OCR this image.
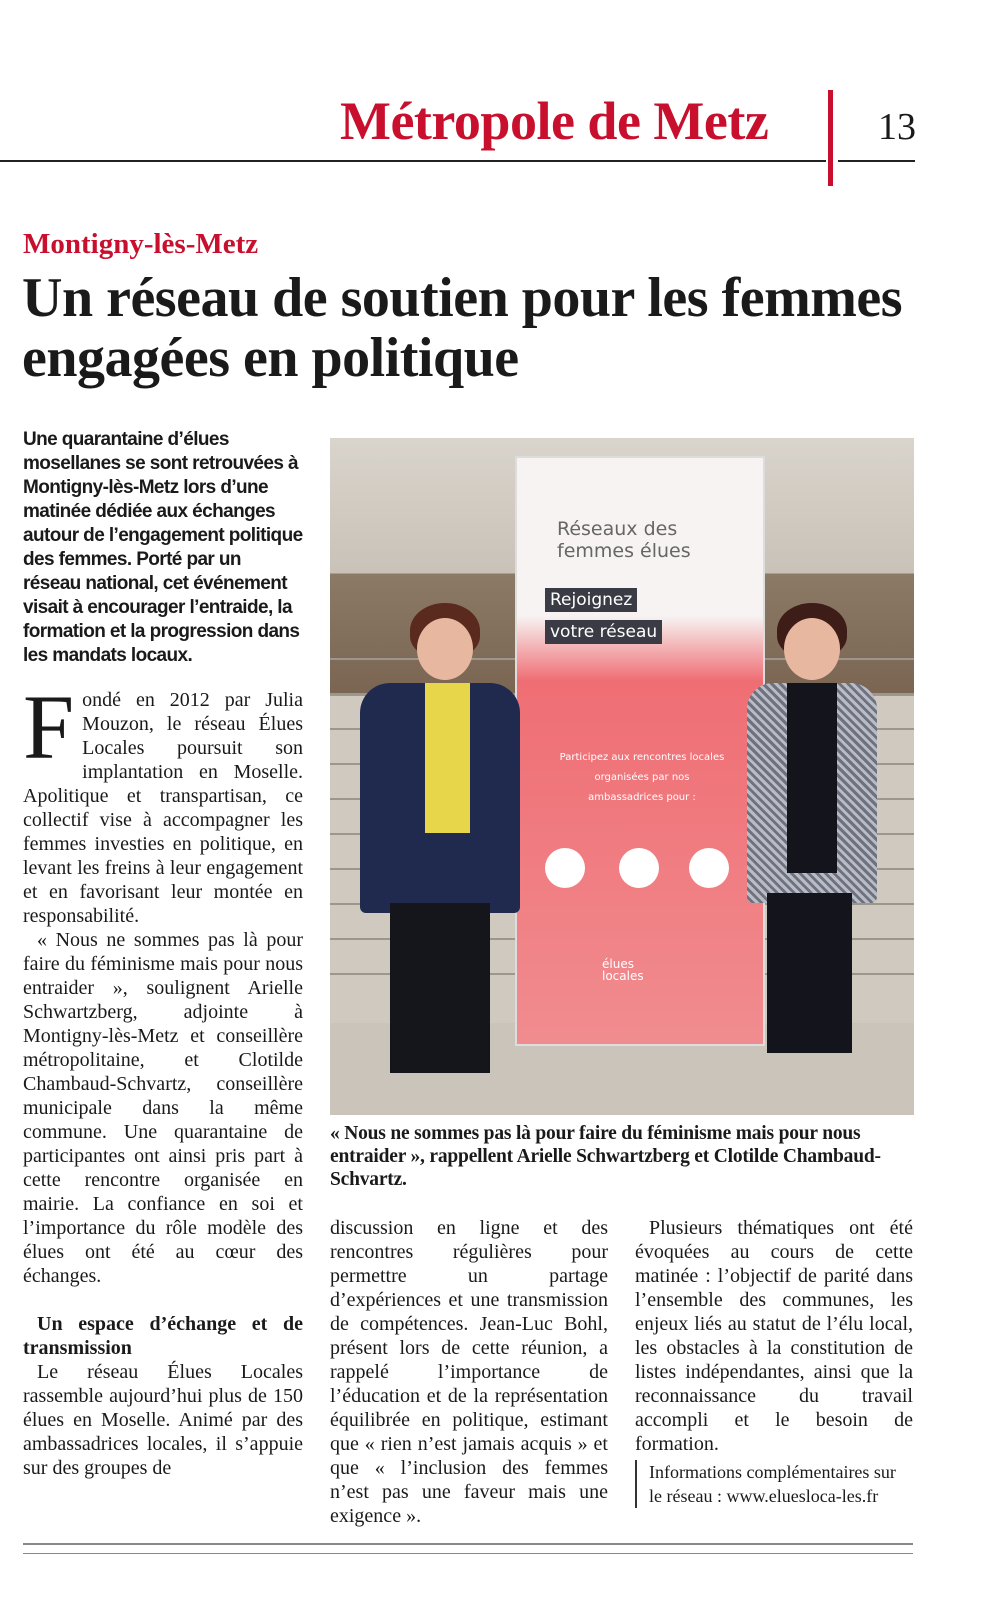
Métropole de Metz	13
Montigny-lès-Metz
Un réseau de soutien pour les femmes engagées en politique
Une quarantaine d’élues mosellanes se sont retrouvées à Montigny-lès-Metz lors d’une matinée dédiée aux échanges autour de l’engagement politique des femmes. Porté par un réseau national, cet événement visait à encourager l’entraide, la formation et la progression dans les mandats locaux.

Fondé en 2012 par Julia Mouzon, le réseau Élues Locales poursuit son implantation en Moselle. Apolitique et transpartisan, ce collectif vise à accompagner les femmes investies en politique, en levant les freins à leur engagement et en favorisant leur montée en responsabilité.

« Nous ne sommes pas là pour faire du féminisme mais pour nous entraider », soulignent Arielle Schwartzberg, adjointe à Montigny-lès-Metz et conseillère métropolitaine, et Clotilde Chambaud-Schvartz, conseillère municipale dans la même commune. Une quarantaine de participantes ont ainsi pris part à cette rencontre organisée en mairie. La confiance en soi et l’importance du rôle modèle des élues ont été au cœur des échanges.

Un espace d’échange et de transmission

Le réseau Élues Locales rassemble aujourd’hui plus de 150 élues en Moselle. Animé par des ambassadrices locales, il s’appuie sur des groupes de

discussion en ligne et des rencontres régulières pour permettre un partage d’expériences et une transmission de compétences. Jean-Luc Bohl, présent lors de cette réunion, a rappelé l’importance de l’éducation et de la représentation équilibrée en politique, estimant que « rien n’est jamais acquis » et que « l’inclusion des femmes n’est pas une faveur mais une exigence ».

Plusieurs thématiques ont été évoquées au cours de cette matinée : l’objectif de parité dans l’ensemble des communes, les enjeux liés au statut de l’élu local, les obstacles à la constitution de listes indépendantes, ainsi que la reconnaissance du travail accompli et le besoin de formation.

Informations complémentaires sur le réseau : www.eluesloca-les.fr
Réseaux des femmes élues
Rejoignez
votre réseau
Participez aux rencontres locales organisées par nos ambassadrices pour :
élues locales
« Nous ne sommes pas là pour faire du féminisme mais pour nous entraider », rappellent Arielle Schwartzberg et Clotilde Chambaud-Schvartz.
